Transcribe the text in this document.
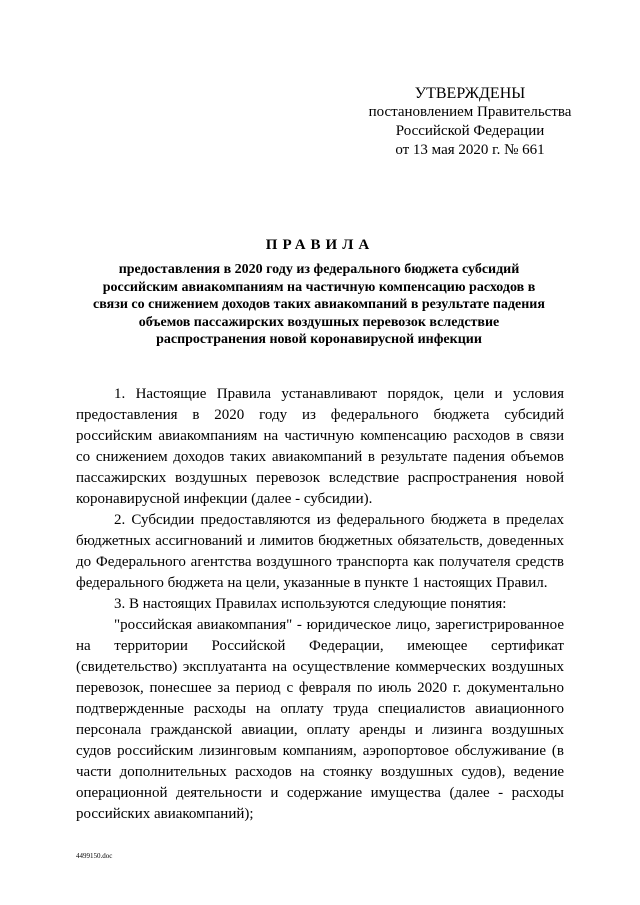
УТВЕРЖДЕНЫ
постановлением Правительства
Российской Федерации
от 13 мая 2020 г. № 661
ПРАВИЛА
предоставления в 2020 году из федерального бюджета субсидий российским авиакомпаниям на частичную компенсацию расходов в связи со снижением доходов таких авиакомпаний в результате падения объемов пассажирских воздушных перевозок вследствие распространения новой коронавирусной инфекции

1. Настоящие Правила устанавливают порядок, цели и условия предоставления в 2020 году из федерального бюджета субсидий российским авиакомпаниям на частичную компенсацию расходов в связи со снижением доходов таких авиакомпаний в результате падения объемов пассажирских воздушных перевозок вследствие распространения новой коронавирусной инфекции (далее - субсидии).

2. Субсидии предоставляются из федерального бюджета в пределах бюджетных ассигнований и лимитов бюджетных обязательств, доведенных до Федерального агентства воздушного транспорта как получателя средств федерального бюджета на цели, указанные в пункте 1 настоящих Правил.

3. В настоящих Правилах используются следующие понятия:

"российская авиакомпания" - юридическое лицо, зарегистрированное на территории Российской Федерации, имеющее сертификат (свидетельство) эксплуатанта на осуществление коммерческих воздушных перевозок, понесшее за период с февраля по июль 2020 г. документально подтвержденные расходы на оплату труда специалистов авиационного персонала гражданской авиации, оплату аренды и лизинга воздушных судов российским лизинговым компаниям, аэропортовое обслуживание (в части дополнительных расходов на стоянку воздушных судов), ведение операционной деятельности и содержание имущества (далее - расходы российских авиакомпаний);

4499150.doc
